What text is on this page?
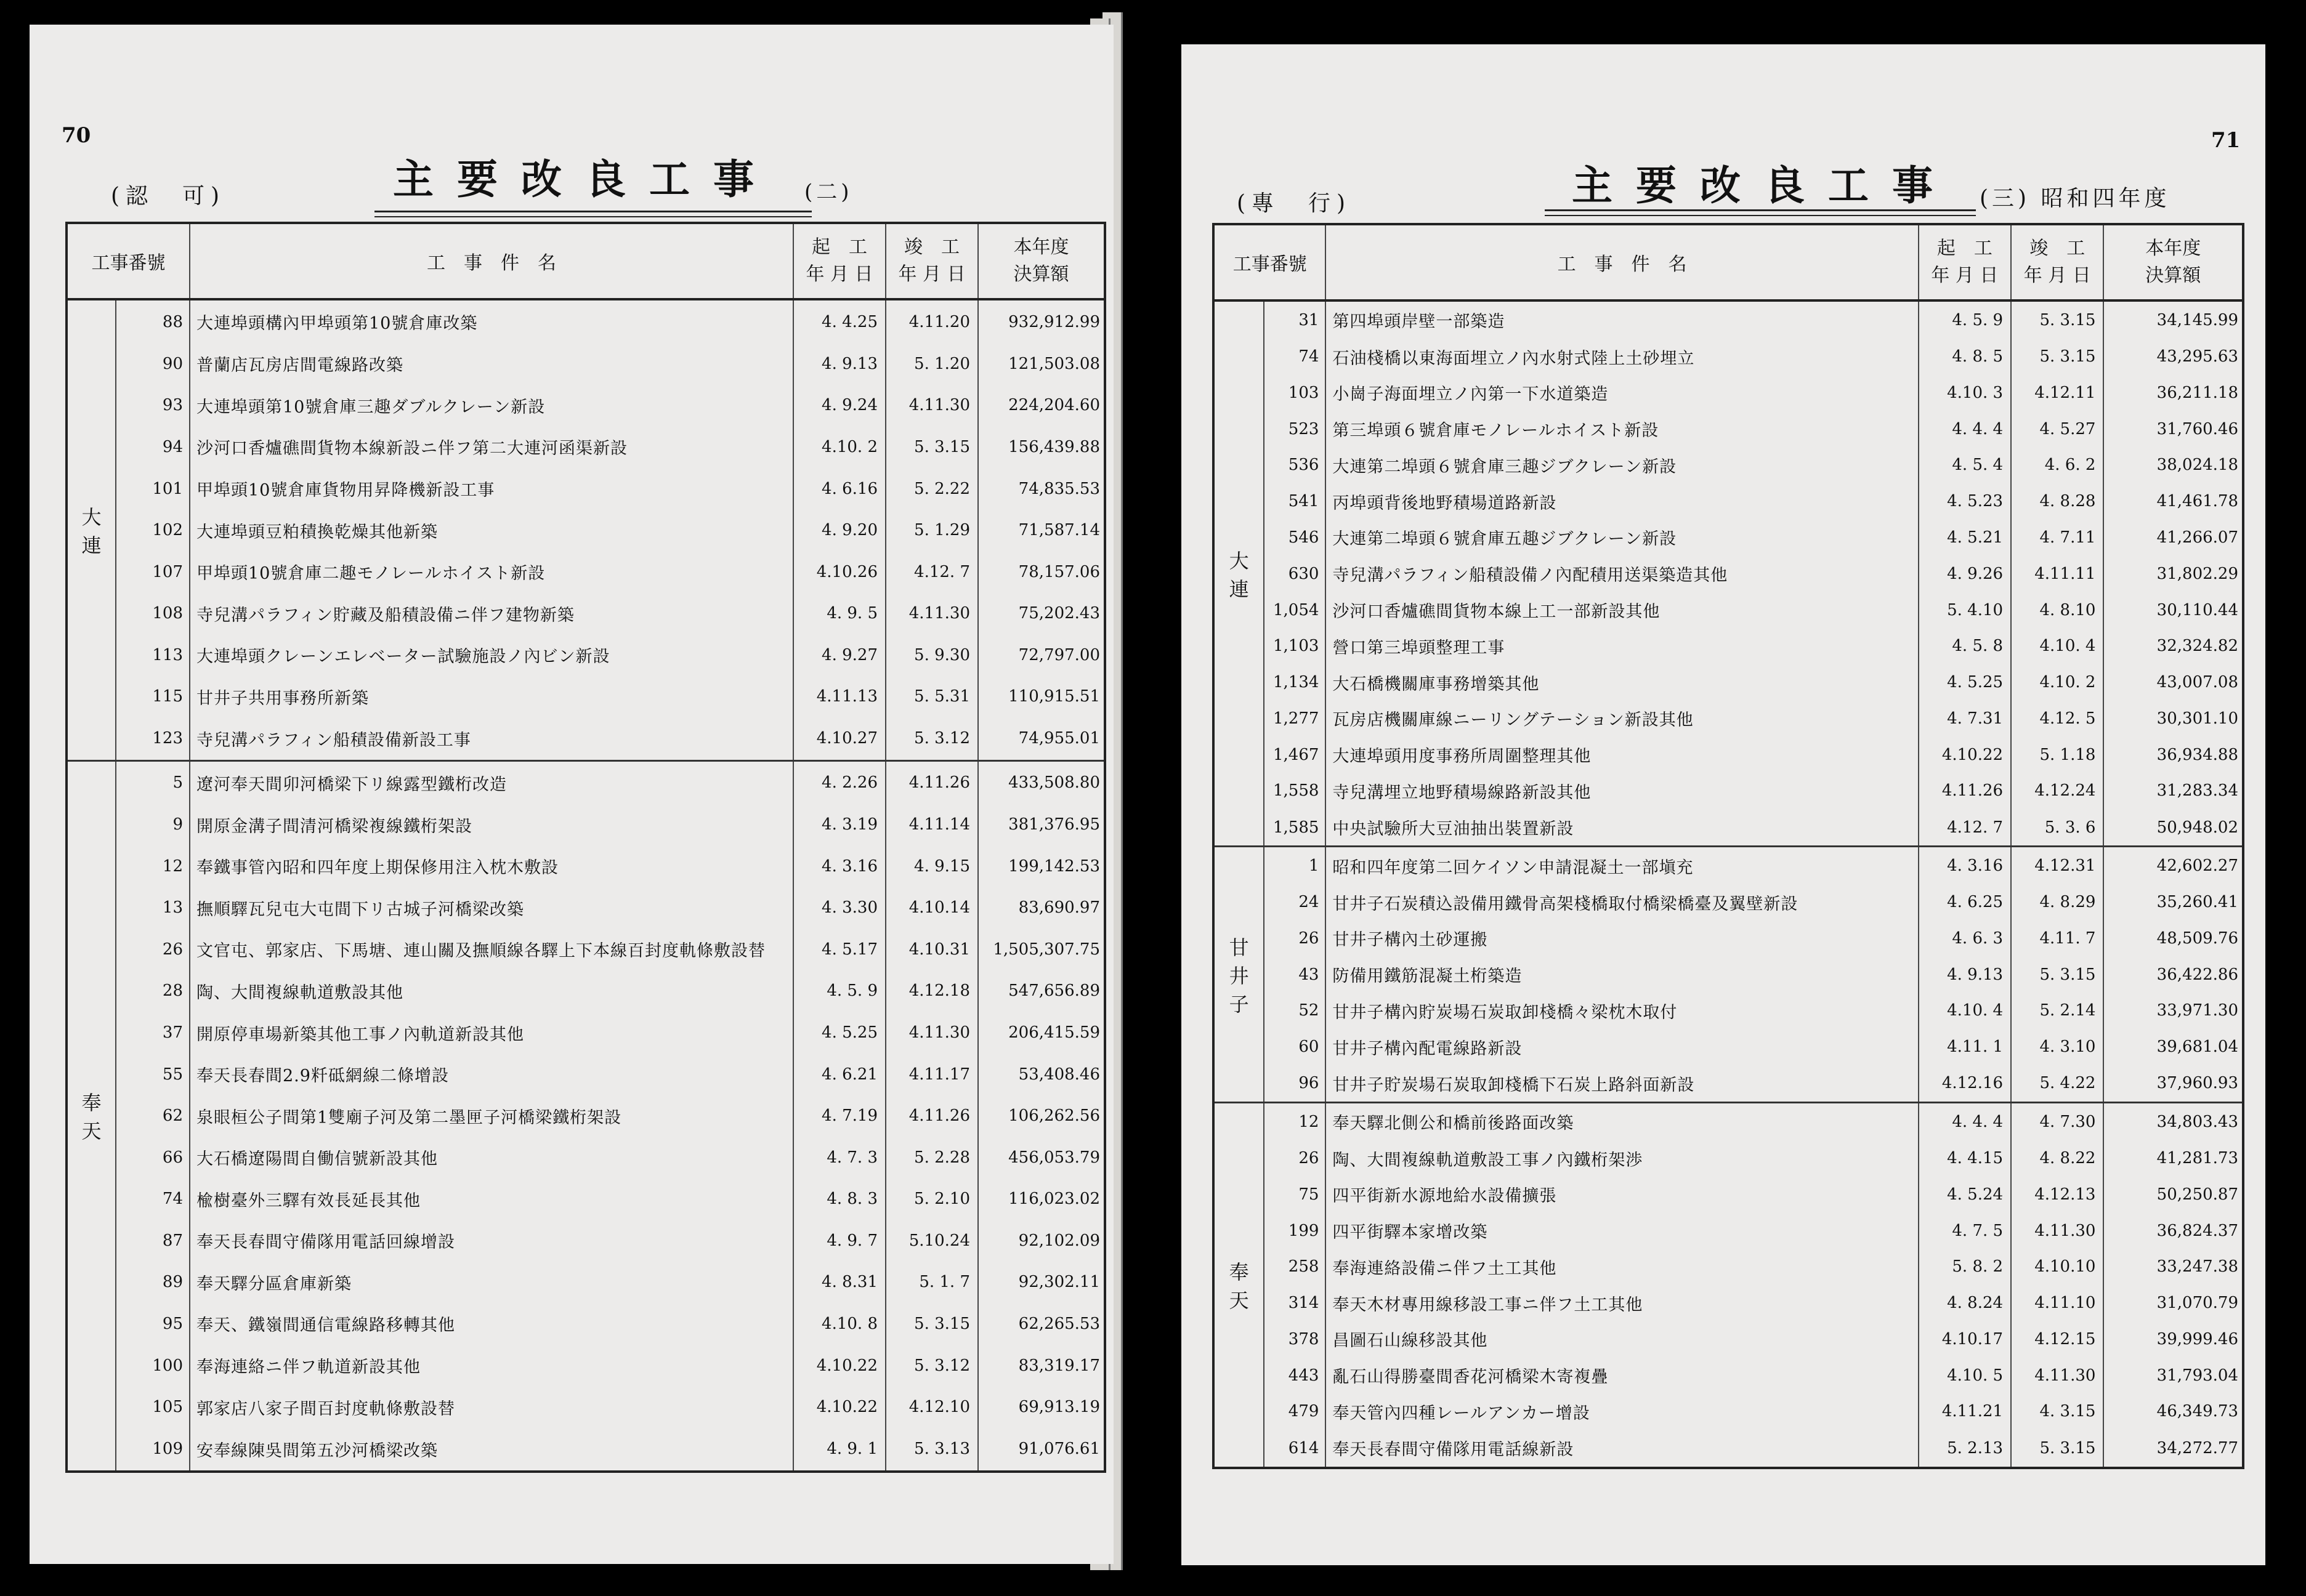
70
(認　可)	主要改良工事 (二)
工事番號		工　事　件　名	起　工
年 月 日	竣　工
年 月 日	本年度
決算額

大
連	88	大連埠頭構內甲埠頭第10號倉庫改築	4. 4.25	4.11.20	932,912.99
	90	普蘭店瓦房店間電線路改築	4. 9.13	5. 1.20	121,503.08
	93	大連埠頭第10號倉庫三趣ダブルクレーン新設	4. 9.24	4.11.30	224,204.60
	94	沙河口香爐礁間貨物本線新設ニ伴フ第二大連河函渠新設	4.10. 2	5. 3.15	156,439.88
	101	甲埠頭10號倉庫貨物用昇降機新設工事	4. 6.16	5. 2.22	74,835.53
	102	大連埠頭豆粕積換乾燥其他新築	4. 9.20	5. 1.29	71,587.14
	107	甲埠頭10號倉庫二趣モノレールホイスト新設	4.10.26	4.12. 7	78,157.06
	108	寺兒溝パラフィン貯藏及船積設備ニ伴フ建物新築	4. 9. 5	4.11.30	75,202.43
	113	大連埠頭クレーンエレベーター試驗施設ノ內ビン新設	4. 9.27	5. 9.30	72,797.00
	115	甘井子共用事務所新築	4.11.13	5. 5.31	110,915.51
	123	寺兒溝パラフィン船積設備新設工事	4.10.27	5. 3.12	74,955.01

奉
天	5	遼河奉天間卯河橋梁下リ線露型鐵桁改造	4. 2.26	4.11.26	433,508.80
	9	開原金溝子間清河橋梁複線鐵桁架設	4. 3.19	4.11.14	381,376.95
	12	奉鐵事管內昭和四年度上期保修用注入枕木敷設	4. 3.16	4. 9.15	199,142.53
	13	撫順驛瓦兒屯大屯間下リ古城子河橋梁改築	4. 3.30	4.10.14	83,690.97
	26	文官屯、郭家店、下馬塘、連山關及撫順線各驛上下本線百封度軌條敷設替	4. 5.17	4.10.31	1,505,307.75
	28	陶、大間複線軌道敷設其他	4. 5. 9	4.12.18	547,656.89
	37	開原停車場新築其他工事ノ內軌道新設其他	4. 5.25	4.11.30	206,415.59
	55	奉天長春間2.9粁砥網線二條增設	4. 6.21	4.11.17	53,408.46
	62	泉眼桓公子間第1雙廟子河及第二墨匣子河橋梁鐵桁架設	4. 7.19	4.11.26	106,262.56
	66	大石橋遼陽間自働信號新設其他	4. 7. 3	5. 2.28	456,053.79
	74	楡樹臺外三驛有效長延長其他	4. 8. 3	5. 2.10	116,023.02
	87	奉天長春間守備隊用電話回線增設	4. 9. 7	5.10.24	92,102.09
	89	奉天驛分區倉庫新築	4. 8.31	5. 1. 7	92,302.11
	95	奉天、鐵嶺間通信電線路移轉其他	4.10. 8	5. 3.15	62,265.53
	100	奉海連絡ニ伴フ軌道新設其他	4.10.22	5. 3.12	83,319.17
	105	郭家店八家子間百封度軌條敷設替	4.10.22	4.12.10	69,913.19
	109	安奉線陳吳間第五沙河橋梁改築	4. 9. 1	5. 3.13	91,076.61
71
(專　行)	主要改良工事 (三) 昭和四年度
工事番號		工　事　件　名	起　工
年 月 日	竣　工
年 月 日	本年度
決算額

大
連	31	第四埠頭岸壁一部築造	4. 5. 9	5. 3.15	34,145.99
	74	石油棧橋以東海面埋立ノ內水射式陸上土砂埋立	4. 8. 5	5. 3.15	43,295.63
	103	小崗子海面埋立ノ內第一下水道築造	4.10. 3	4.12.11	36,211.18
	523	第三埠頭６號倉庫モノレールホイスト新設	4. 4. 4	4. 5.27	31,760.46
	536	大連第二埠頭６號倉庫三趣ジブクレーン新設	4. 5. 4	4. 6. 2	38,024.18
	541	丙埠頭背後地野積場道路新設	4. 5.23	4. 8.28	41,461.78
	546	大連第二埠頭６號倉庫五趣ジブクレーン新設	4. 5.21	4. 7.11	41,266.07
	630	寺兒溝パラフィン船積設備ノ內配積用送渠築造其他	4. 9.26	4.11.11	31,802.29
	1,054	沙河口香爐礁間貨物本線上工一部新設其他	5. 4.10	4. 8.10	30,110.44
	1,103	營口第三埠頭整理工事	4. 5. 8	4.10. 4	32,324.82
	1,134	大石橋機關庫事務增築其他	4. 5.25	4.10. 2	43,007.08
	1,277	瓦房店機關庫線ニーリングテーション新設其他	4. 7.31	4.12. 5	30,301.10
	1,467	大連埠頭用度事務所周圍整理其他	4.10.22	5. 1.18	36,934.88
	1,558	寺兒溝埋立地野積場線路新設其他	4.11.26	4.12.24	31,283.34
	1,585	中央試驗所大豆油抽出裝置新設	4.12. 7	5. 3. 6	50,948.02

甘
井
子	1	昭和四年度第二回ケイソン申請混凝土一部塡充	4. 3.16	4.12.31	42,602.27
	24	甘井子石炭積込設備用鐵骨高架棧橋取付橋梁橋臺及翼壁新設	4. 6.25	4. 8.29	35,260.41
	26	甘井子構內土砂運搬	4. 6. 3	4.11. 7	48,509.76
	43	防備用鐵筋混凝土桁築造	4. 9.13	5. 3.15	36,422.86
	52	甘井子構內貯炭場石炭取卸棧橋々梁枕木取付	4.10. 4	5. 2.14	33,971.30
	60	甘井子構內配電線路新設	4.11. 1	4. 3.10	39,681.04
	96	甘井子貯炭場石炭取卸棧橋下石炭上路斜面新設	4.12.16	5. 4.22	37,960.93

奉
天	12	奉天驛北側公和橋前後路面改築	4. 4. 4	4. 7.30	34,803.43
	26	陶、大間複線軌道敷設工事ノ內鐵桁架渉	4. 4.15	4. 8.22	41,281.73
	75	四平街新水源地給水設備擴張	4. 5.24	4.12.13	50,250.87
	199	四平街驛本家增改築	4. 7. 5	4.11.30	36,824.37
	258	奉海連絡設備ニ伴フ土工其他	5. 8. 2	4.10.10	33,247.38
	314	奉天木材專用線移設工事ニ伴フ土工其他	4. 8.24	4.11.10	31,070.79
	378	昌圖石山線移設其他	4.10.17	4.12.15	39,999.46
	443	亂石山得勝臺間香花河橋梁木寄複疊	4.10. 5	4.11.30	31,793.04
	479	奉天管內四種レールアンカー增設	4.11.21	4. 3.15	46,349.73
	614	奉天長春間守備隊用電話線新設	5. 2.13	5. 3.15	34,272.77
